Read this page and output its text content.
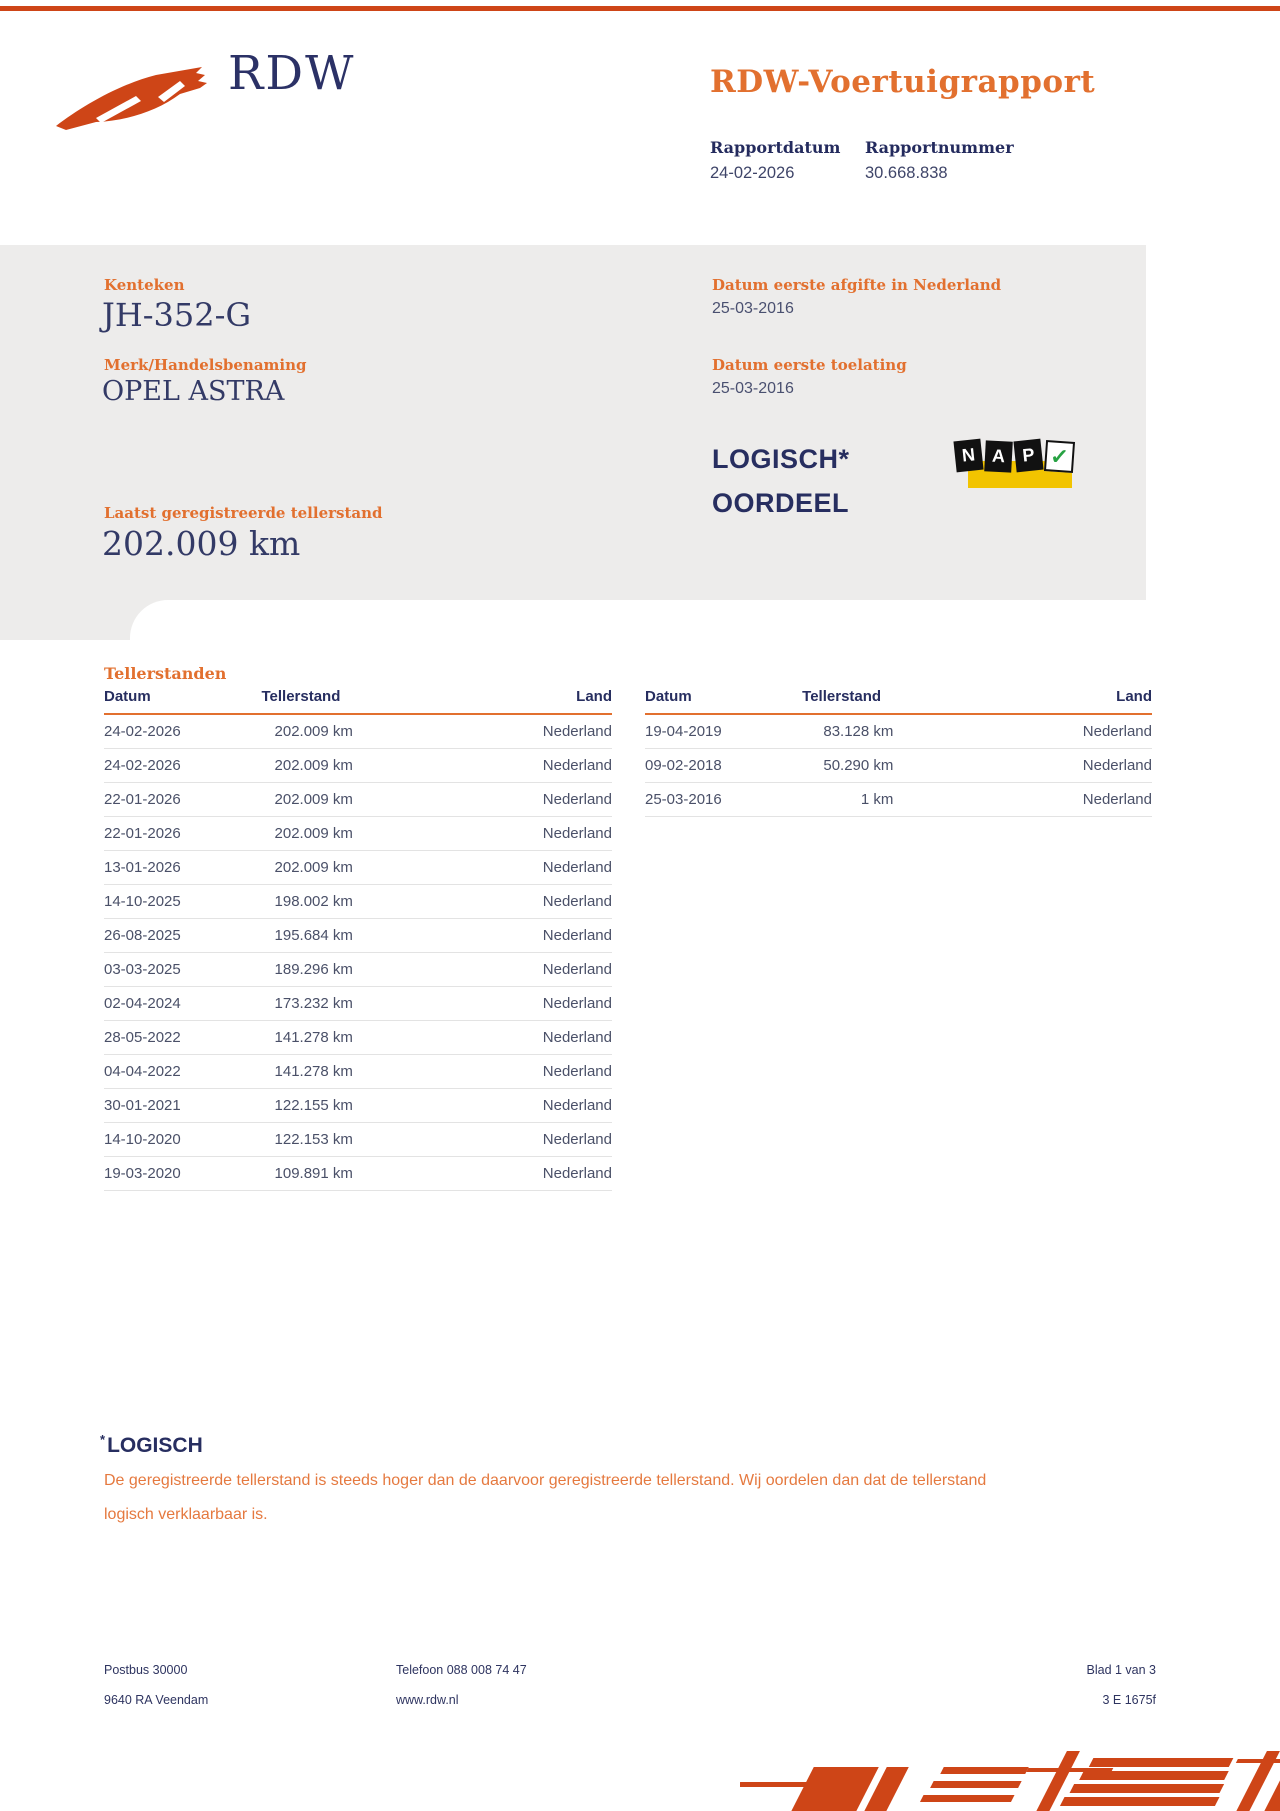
RDW	RDW-Voertuigrapport
Rapportdatum
24-02-2026
Rapportnummer
30.668.838
Kenteken
JH-352-G
Merk/Handelsbenaming
OPEL ASTRA
Laatst geregistreerde tellerstand
202.009 km
Datum eerste afgifte in Nederland
25-03-2016
Datum eerste toelating
25-03-2016
LOGISCH*
OORDEEL
N A P ✓
Tellerstanden
Datum	Tellerstand	Land
24-02-2026	202.009 km	Nederland
24-02-2026	202.009 km	Nederland
22-01-2026	202.009 km	Nederland
22-01-2026	202.009 km	Nederland
13-01-2026	202.009 km	Nederland
14-10-2025	198.002 km	Nederland
26-08-2025	195.684 km	Nederland
03-03-2025	189.296 km	Nederland
02-04-2024	173.232 km	Nederland
28-05-2022	141.278 km	Nederland
04-04-2022	141.278 km	Nederland
30-01-2021	122.155 km	Nederland
14-10-2020	122.153 km	Nederland
19-03-2020	109.891 km	Nederland
Datum	Tellerstand	Land
19-04-2019	83.128 km	Nederland
09-02-2018	50.290 km	Nederland
25-03-2016	1 km	Nederland
*LOGISCH
De geregistreerde tellerstand is steeds hoger dan de daarvoor geregistreerde tellerstand. Wij oordelen dan dat de tellerstand logisch verklaarbaar is.
Postbus 30000
9640 RA Veendam
Telefoon 088 008 74 47
www.rdw.nl
Blad 1 van 3
3 E 1675f
